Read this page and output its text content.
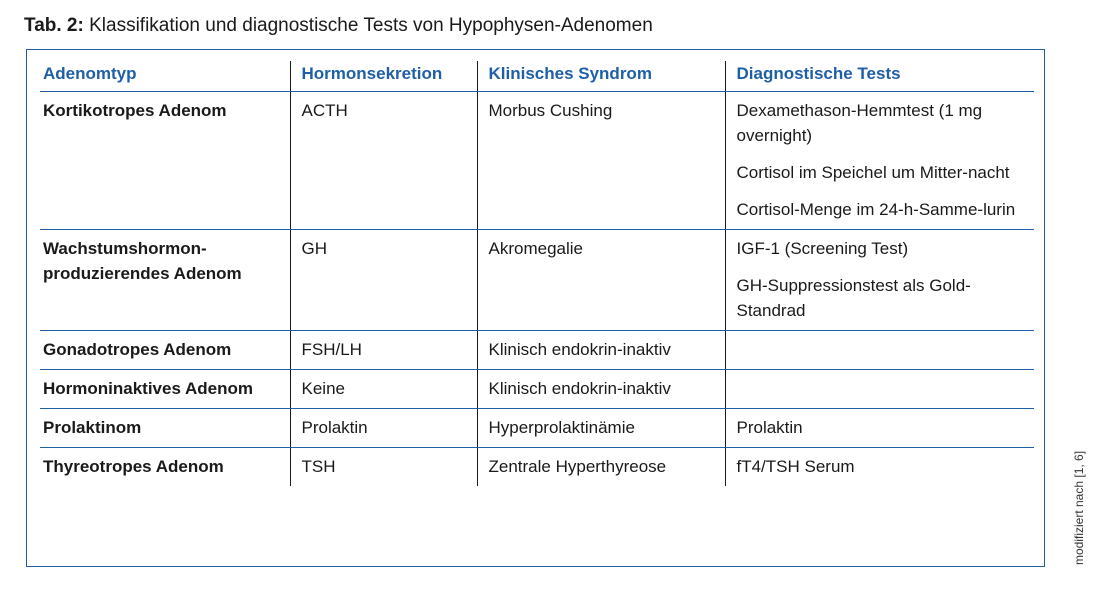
Tab. 2: Klassifikation und diagnostische Tests von Hypophysen-Adenomen
Adenomtyp	Hormonsekretion	Klinisches Syndrom	Diagnostische Tests
Kortikotropes Adenom	ACTH	Morbus Cushing	Dexamethason-Hemmtest (1 mg overnight)
Cortisol im Speichel um Mitter-nacht
Cortisol-Menge im 24-h-Samme-lurin

Wachstumshormon-produzierendes Adenom	GH	Akromegalie	IGF-1 (Screening Test)
GH-Suppressionstest als Gold-Standrad

Gonadotropes Adenom	FSH/LH	Klinisch endokrin-inaktiv	
Hormoninaktives Adenom	Keine	Klinisch endokrin-inaktiv	
Prolaktinom	Prolaktin	Hyperprolaktinämie	Prolaktin

Thyreotropes Adenom	TSH	Zentrale Hyperthyreose	fT4/TSH Serum	modifiziert nach [1, 6]
